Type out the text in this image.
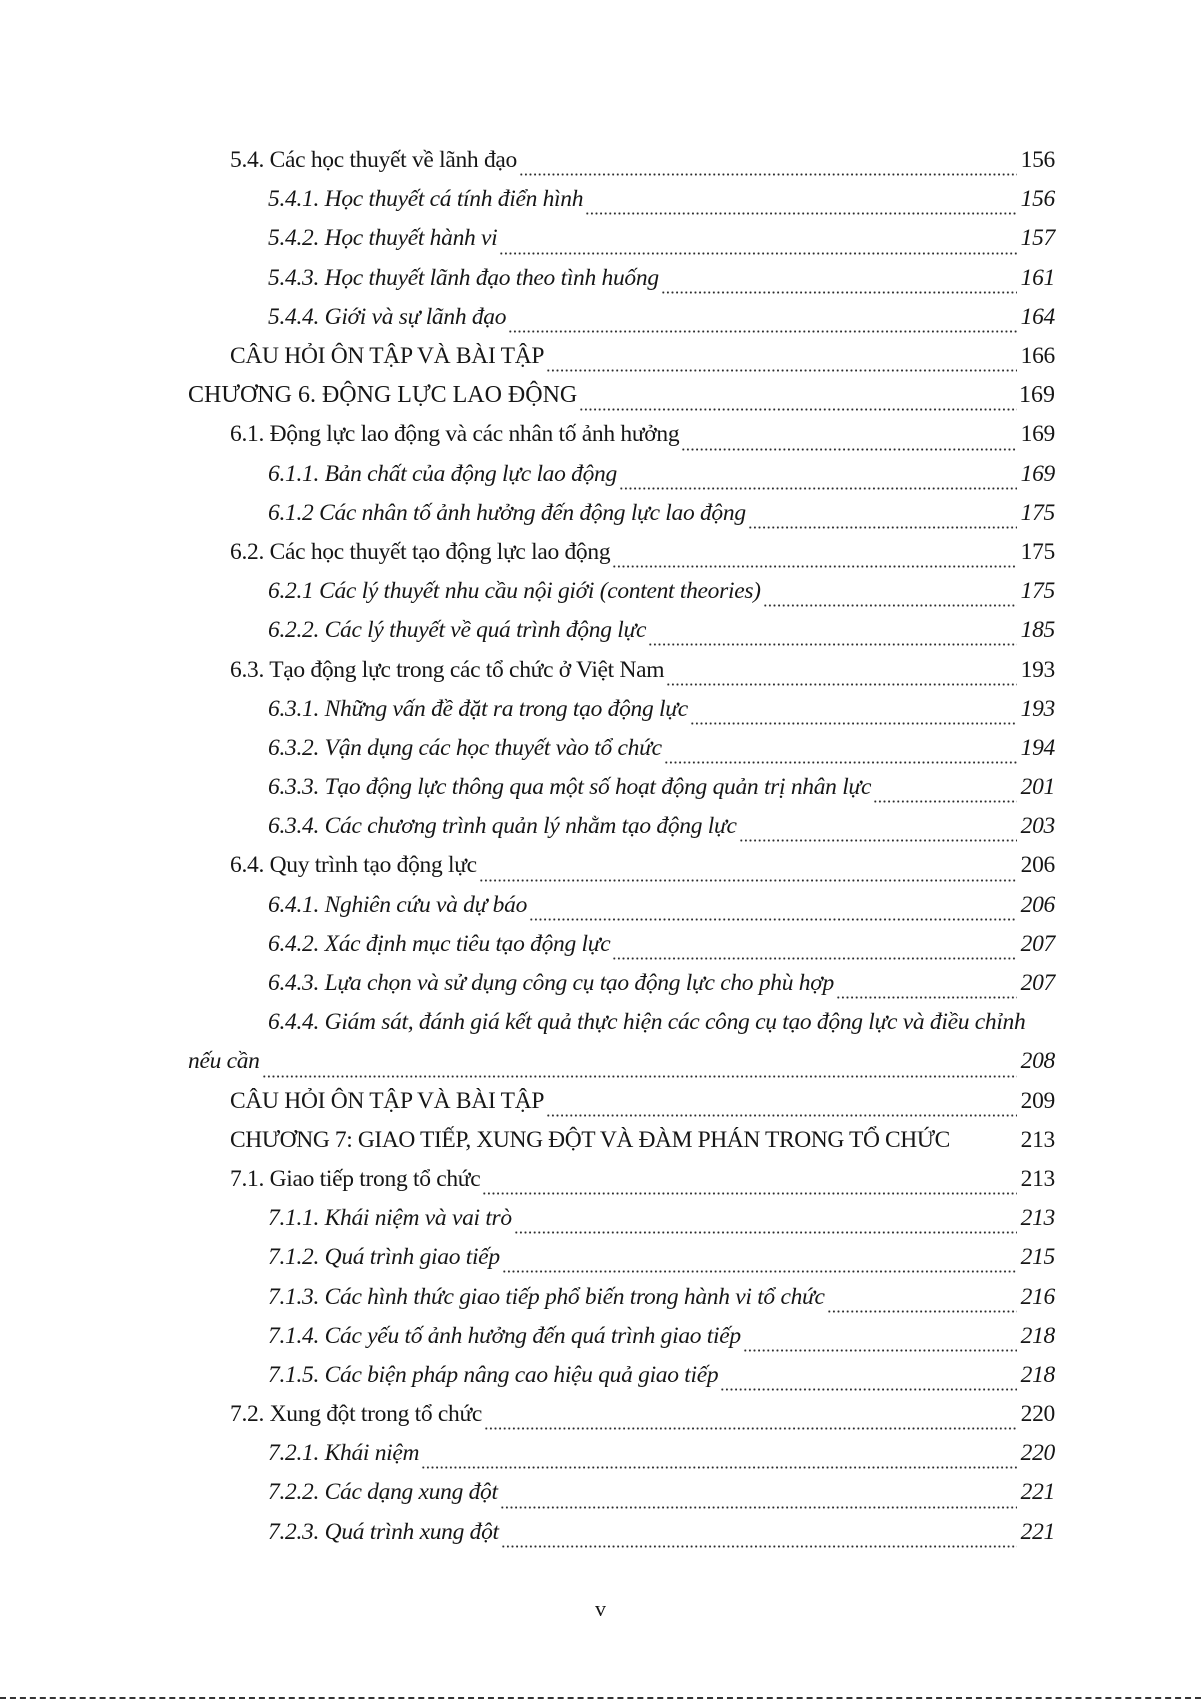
5.4. Các học thuyết về lãnh đạo	156
5.4.1. Học thuyết cá tính điển hình	156
5.4.2. Học thuyết hành vi	157
5.4.3. Học thuyết lãnh đạo theo tình huống	161
5.4.4. Giới và sự lãnh đạo	164
CÂU HỎI ÔN TẬP VÀ BÀI TẬP	166
CHƯƠNG 6. ĐỘNG LỰC LAO ĐỘNG	169
6.1. Động lực lao động và các nhân tố ảnh hưởng	169
6.1.1. Bản chất của động lực lao động	169
6.1.2 Các nhân tố ảnh hưởng đến động lực lao động	175
6.2. Các học thuyết tạo động lực lao động	175
6.2.1 Các lý thuyết nhu cầu nội giới (content theories)	175
6.2.2. Các lý thuyết về quá trình động lực	185
6.3. Tạo động lực trong các tổ chức ở Việt Nam	193
6.3.1. Những vấn đề đặt ra trong tạo động lực	193
6.3.2. Vận dụng các học thuyết vào tổ chức	194
6.3.3. Tạo động lực thông qua một số hoạt động quản trị nhân lực	201
6.3.4. Các chương trình quản lý nhằm tạo động lực	203
6.4. Quy trình tạo động lực	206
6.4.1. Nghiên cứu và dự báo	206
6.4.2. Xác định mục tiêu tạo động lực	207
6.4.3. Lựa chọn và sử dụng công cụ tạo động lực cho phù hợp	207
6.4.4. Giám sát, đánh giá kết quả thực hiện các công cụ tạo động lực và điều chỉnh
nếu cần	208
CÂU HỎI ÔN TẬP VÀ BÀI TẬP	209
CHƯƠNG 7: GIAO TIẾP, XUNG ĐỘT VÀ ĐÀM PHÁN TRONG TỔ CHỨC	213
7.1. Giao tiếp trong tổ chức	213
7.1.1. Khái niệm và vai trò	213
7.1.2. Quá trình giao tiếp	215
7.1.3. Các hình thức giao tiếp phổ biến trong hành vi tổ chức	216
7.1.4. Các yếu tố ảnh hưởng đến quá trình giao tiếp	218
7.1.5. Các biện pháp nâng cao hiệu quả giao tiếp	218
7.2. Xung đột trong tổ chức	220
7.2.1. Khái niệm	220
7.2.2. Các dạng xung đột	221
7.2.3. Quá trình xung đột	221
v
